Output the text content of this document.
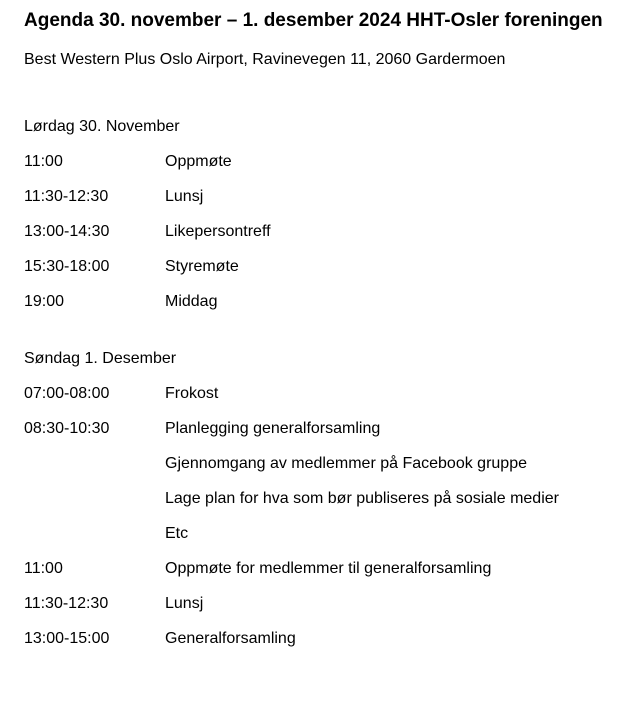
Agenda 30. november – 1. desember 2024 HHT-Osler foreningen
Best Western Plus Oslo Airport, Ravinevegen 11, 2060 Gardermoen
Lørdag 30. November
11:00	Oppmøte
11:30-12:30	Lunsj
13:00-14:30	Likepersontreff
15:30-18:00	Styremøte
19:00	Middag
Søndag 1. Desember
07:00-08:00	Frokost
08:30-10:30	Planlegging generalforsamling
Gjennomgang av medlemmer på Facebook gruppe
Lage plan for hva som bør publiseres på sosiale medier
Etc
11:00	Oppmøte for medlemmer til generalforsamling
11:30-12:30	Lunsj
13:00-15:00	Generalforsamling
